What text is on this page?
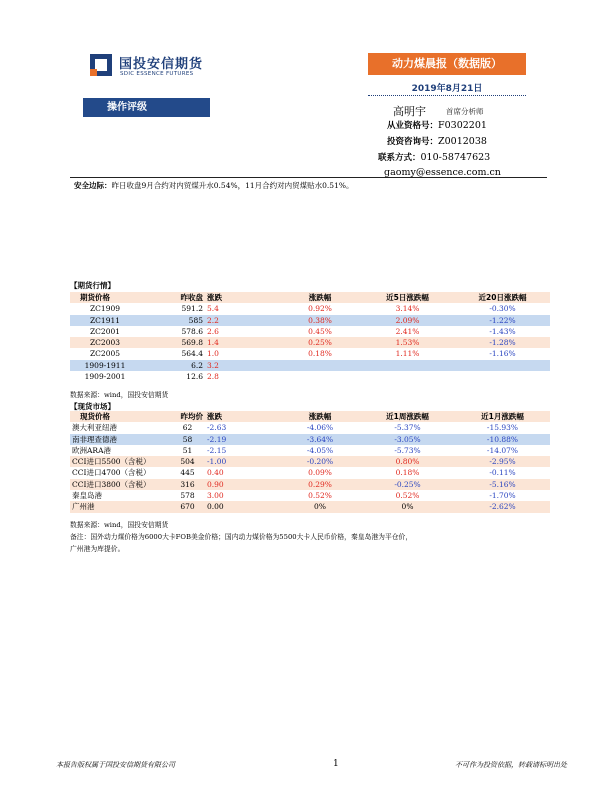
国投安信期货
SDIC ESSENCE FUTURES
动力煤晨报（数据版）
2019年8月21日
操作评级	高明宇	首席分析师
从业资格号：F0302201
投资咨询号：Z0012038
联系方式：010-58747623
gaomy@essence.com.cn
安全边际：昨日收盘9月合约对内贸煤升水0.54%，11月合约对内贸煤贴水0.51%。
【期货行情】
期货价格	昨收盘	涨跌	涨跌幅	近5日涨跌幅	近20日涨跌幅
ZC1909	591.2	5.4	0.92%	3.14%	-0.30%
ZC1911	585	2.2	0.38%	2.09%	-1.22%
ZC2001	578.6	2.6	0.45%	2.41%	-1.43%
ZC2003	569.8	1.4	0.25%	1.53%	-1.28%
ZC2005	564.4	1.0	0.18%	1.11%	-1.16%
1909-1911	6.2	3.2			
1909-2001	12.6	2.8			
数据来源：wind，国投安信期货
【现货市场】
现货价格	昨均价	涨跌	涨跌幅	近1周涨跌幅	近1月涨跌幅
澳大利亚纽港	62	-2.63	-4.06%	-5.37%	-15.93%
南非理查德港	58	-2.19	-3.64%	-3.05%	-10.88%
欧洲ARA港	51	-2.15	-4.05%	-5.73%	-14.07%
CCI进口5500（含税）	504	-1.00	-0.20%	0.80%	-2.95%
CCI进口4700（含税）	445	0.40	0.09%	0.18%	-0.11%
CCI进口3800（含税）	316	0.90	0.29%	-0.25%	-5.16%
秦皇岛港	578	3.00	0.52%	0.52%	-1.70%
广州港	670	0.00	0%	0%	-2.62%
数据来源：wind，国投安信期货
备注：国外动力煤价格为6000大卡FOB美金价格；国内动力煤价格为5500大卡人民币价格，秦皇岛港为平仓价，
广州港为库提价。
本报告版权属于国投安信期货有限公司	1	不可作为投资依据，转载请标明出处
